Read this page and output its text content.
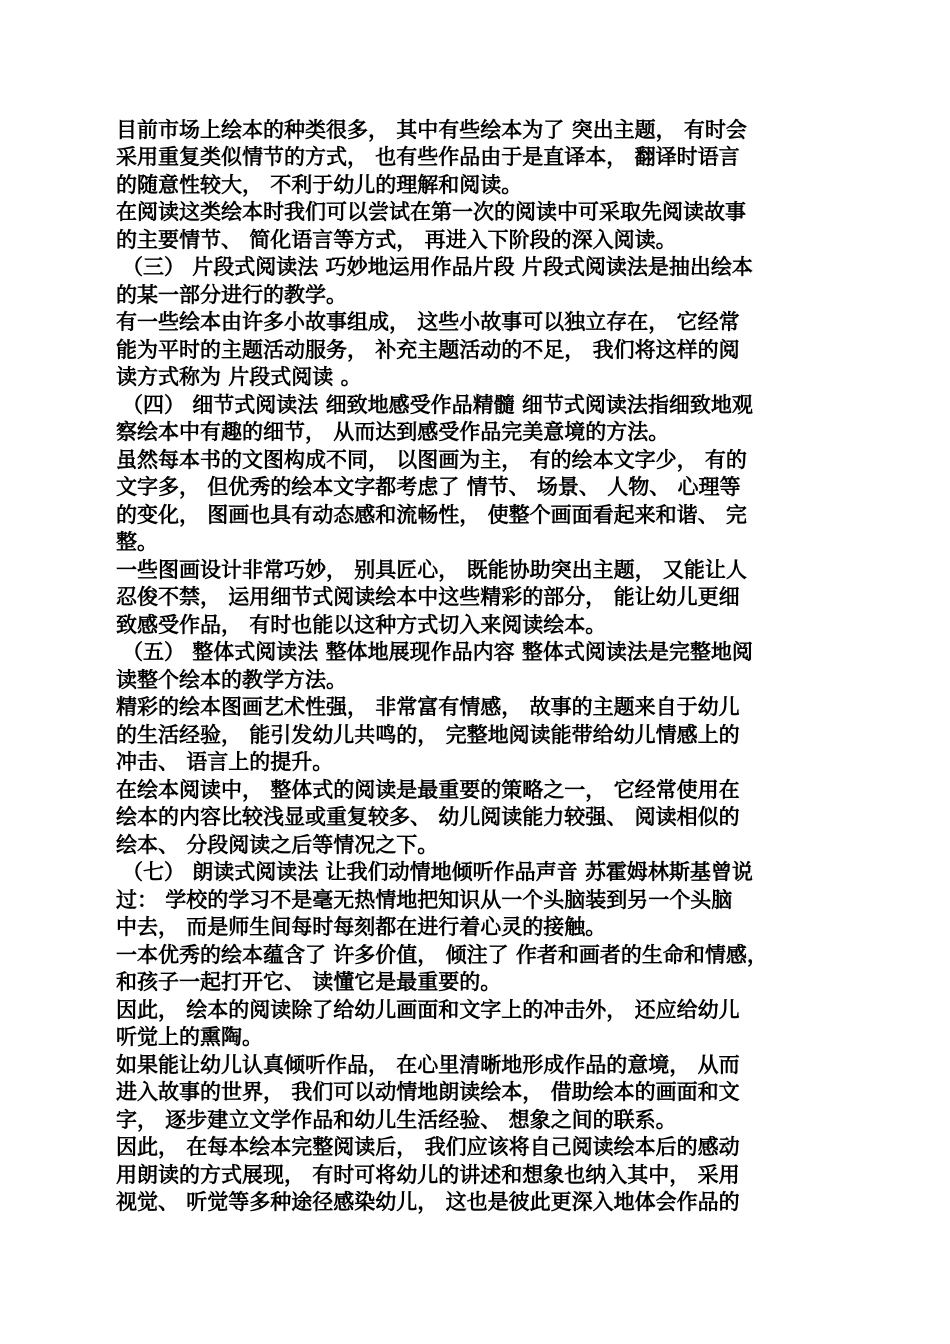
目前市场上绘本的种类很多， 其中有些绘本为了 突出主题， 有时会
采用重复类似情节的方式， 也有些作品由于是直译本， 翻译时语言
的随意性较大， 不利于幼儿的理解和阅读。
在阅读这类绘本时我们可以尝试在第一次的阅读中可采取先阅读故事
的主要情节、 简化语言等方式， 再进入下阶段的深入阅读。
（三） 片段式阅读法 巧妙地运用作品片段 片段式阅读法是抽出绘本
的某一部分进行的教学。
有一些绘本由许多小故事组成， 这些小故事可以独立存在， 它经常
能为平时的主题活动服务， 补充主题活动的不足， 我们将这样的阅
读方式称为 片段式阅读 。
（四） 细节式阅读法 细致地感受作品精髓 细节式阅读法指细致地观
察绘本中有趣的细节， 从而达到感受作品完美意境的方法。
虽然每本书的文图构成不同， 以图画为主， 有的绘本文字少， 有的
文字多， 但优秀的绘本文字都考虑了 情节、 场景、 人物、 心理等
的变化， 图画也具有动态感和流畅性， 使整个画面看起来和谐、 完
整。
一些图画设计非常巧妙， 别具匠心， 既能协助突出主题， 又能让人
忍俊不禁， 运用细节式阅读绘本中这些精彩的部分， 能让幼儿更细
致感受作品， 有时也能以这种方式切入来阅读绘本。
（五） 整体式阅读法 整体地展现作品内容 整体式阅读法是完整地阅
读整个绘本的教学方法。
精彩的绘本图画艺术性强， 非常富有情感， 故事的主题来自于幼儿
的生活经验， 能引发幼儿共鸣的， 完整地阅读能带给幼儿情感上的
冲击、 语言上的提升。
在绘本阅读中， 整体式的阅读是最重要的策略之一， 它经常使用在
绘本的内容比较浅显或重复较多、 幼儿阅读能力较强、 阅读相似的
绘本、 分段阅读之后等情况之下。
（七） 朗读式阅读法 让我们动情地倾听作品声音 苏霍姆林斯基曾说
过： 学校的学习不是毫无热情地把知识从一个头脑装到另一个头脑
中去， 而是师生间每时每刻都在进行着心灵的接触。
一本优秀的绘本蕴含了 许多价值， 倾注了 作者和画者的生命和情感，
和孩子一起打开它、 读懂它是最重要的。
因此， 绘本的阅读除了给幼儿画面和文字上的冲击外， 还应给幼儿
听觉上的熏陶。
如果能让幼儿认真倾听作品， 在心里清晰地形成作品的意境， 从而
进入故事的世界， 我们可以动情地朗读绘本， 借助绘本的画面和文
字， 逐步建立文学作品和幼儿生活经验、 想象之间的联系。
因此， 在每本绘本完整阅读后， 我们应该将自己阅读绘本后的感动
用朗读的方式展现， 有时可将幼儿的讲述和想象也纳入其中， 采用
视觉、 听觉等多种途径感染幼儿， 这也是彼此更深入地体会作品的
